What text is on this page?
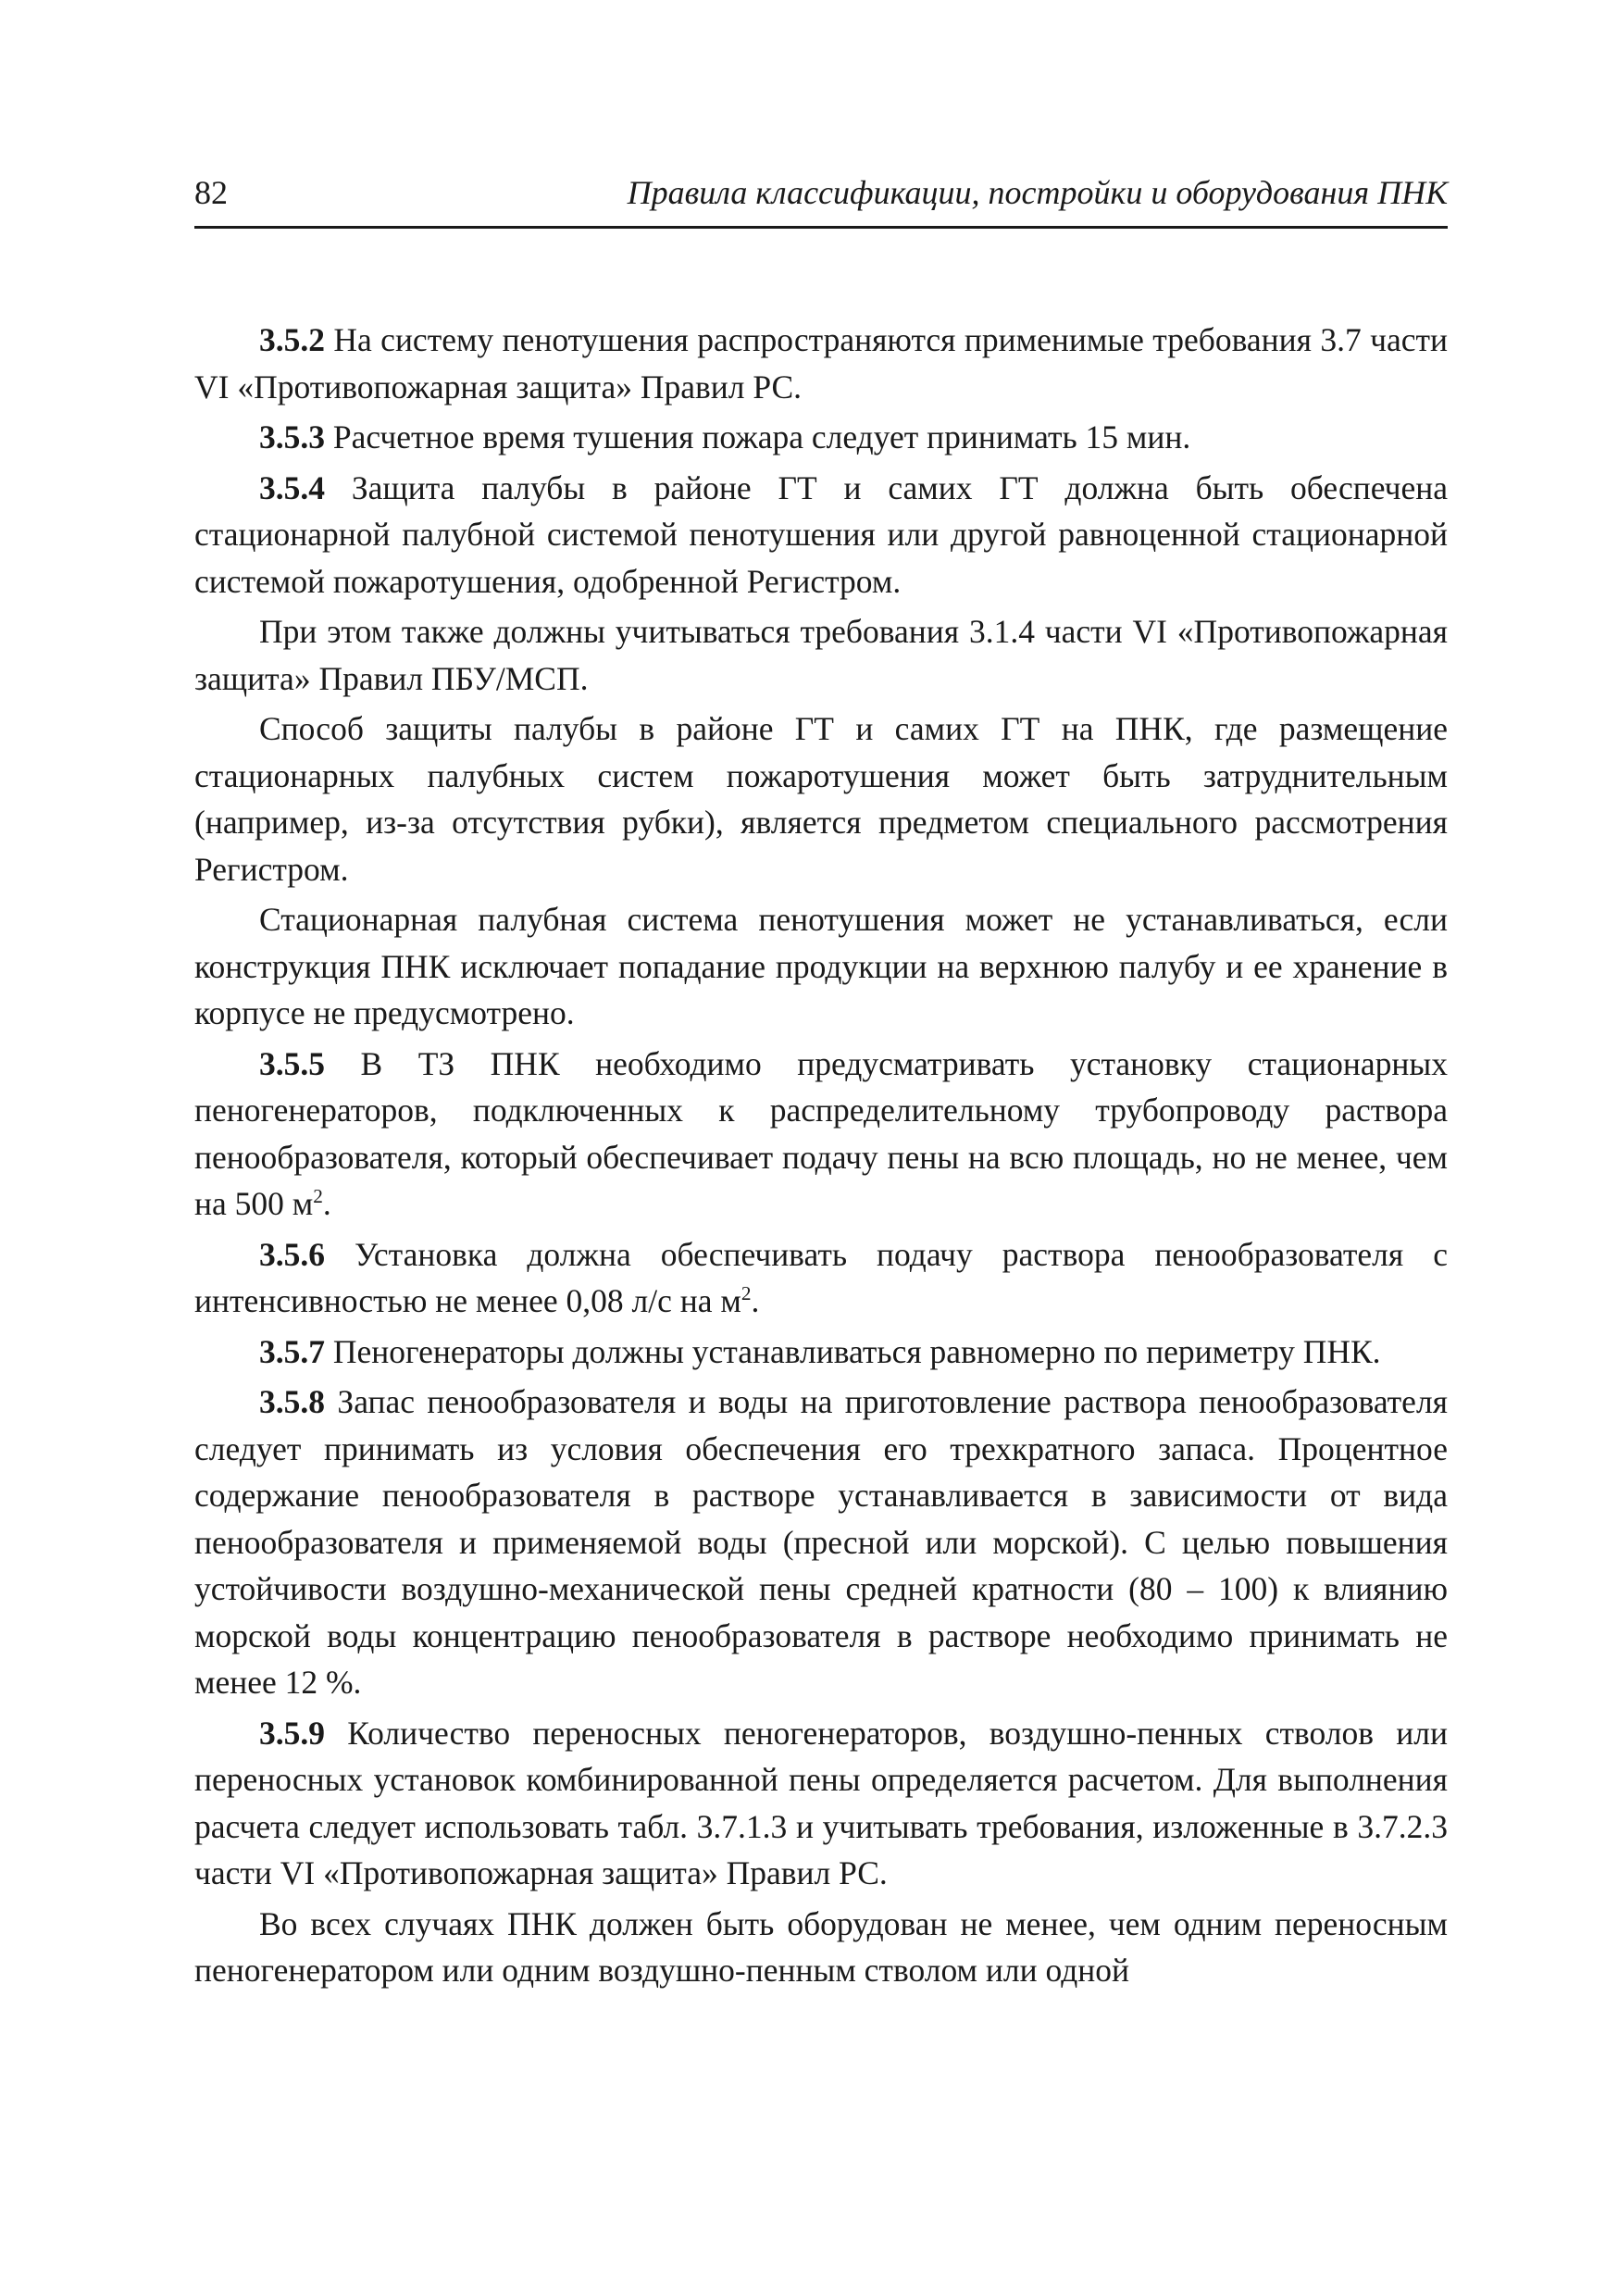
82	Правила классификации, постройки и оборудования ПНК

3.5.2 На систему пенотушения распространяются применимые требования 3.7 части VI «Противопожарная защита» Правил РС.

3.5.3 Расчетное время тушения пожара следует принимать 15 мин.

3.5.4 Защита палубы в районе ГТ и самих ГТ должна быть обеспечена стационарной палубной системой пенотушения или другой равноценной стационарной системой пожаротушения, одобренной Регистром.

При этом также должны учитываться требования 3.1.4 части VI «Противопожарная защита» Правил ПБУ/МСП.

Способ защиты палубы в районе ГТ и самих ГТ на ПНК, где размещение стационарных палубных систем пожаротушения может быть затруднительным (например, из-за отсутствия рубки), является предметом специального рассмотрения Регистром.

Стационарная палубная система пенотушения может не устанавливаться, если конструкция ПНК исключает попадание продукции на верхнюю палубу и ее хранение в корпусе не предусмотрено.

3.5.5 В ТЗ ПНК необходимо предусматривать установку стационарных пеногенераторов, подключенных к распределительному трубопроводу раствора пенообразователя, который обеспечивает подачу пены на всю площадь, но не менее, чем на 500 $м^2$.

3.5.6 Установка должна обеспечивать подачу раствора пенообразователя с интенсивностью не менее 0,08 л/с на $м^2$.

3.5.7 Пеногенераторы должны устанавливаться равномерно по периметру ПНК.

3.5.8 Запас пенообразователя и воды на приготовление раствора пенообразователя следует принимать из условия обеспечения его трехкратного запаса. Процентное содержание пенообразователя в растворе устанавливается в зависимости от вида пенообразователя и применяемой воды (пресной или морской). С целью повышения устойчивости воздушно-механической пены средней кратности (80 – 100) к влиянию морской воды концентрацию пенообразователя в растворе необходимо принимать не менее 12 %.

3.5.9 Количество переносных пеногенераторов, воздушно-пенных стволов или переносных установок комбинированной пены определяется расчетом. Для выполнения расчета следует использовать табл. 3.7.1.3 и учитывать требования, изложенные в 3.7.2.3 части VI «Противопожарная защита» Правил РС.

Во всех случаях ПНК должен быть оборудован не менее, чем одним переносным пеногенератором или одним воздушно-пенным стволом или одной
